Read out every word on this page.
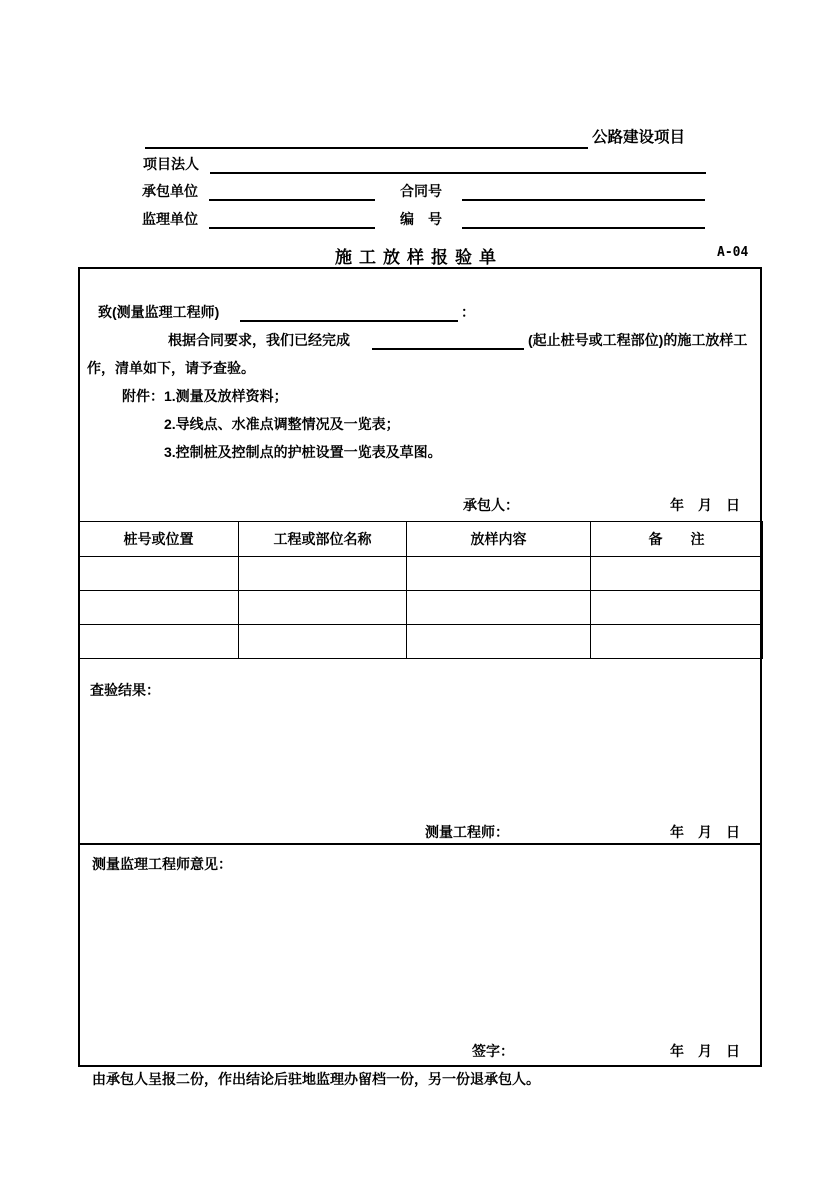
公路建设项目
项目法人
承包单位	合同号
监理单位	编　号
施工放样报验单	A-04
致(测量监理工程师)	：
根据合同要求，我们已经完成	(起止桩号或工程部位)的施工放样工
作，清单如下，请予查验。
附件： 1.测量及放样资料；
2.导线点、水准点调整情况及一览表；
3.控制桩及控制点的护桩设置一览表及草图。
承包人：	年　月　日
桩号或位置	工程或部位名称	放样内容	备　　注

查验结果：
测量工程师：	年　月　日
测量监理工程师意见：
签字：	年　月　日
由承包人呈报二份，作出结论后驻地监理办留档一份，另一份退承包人。
